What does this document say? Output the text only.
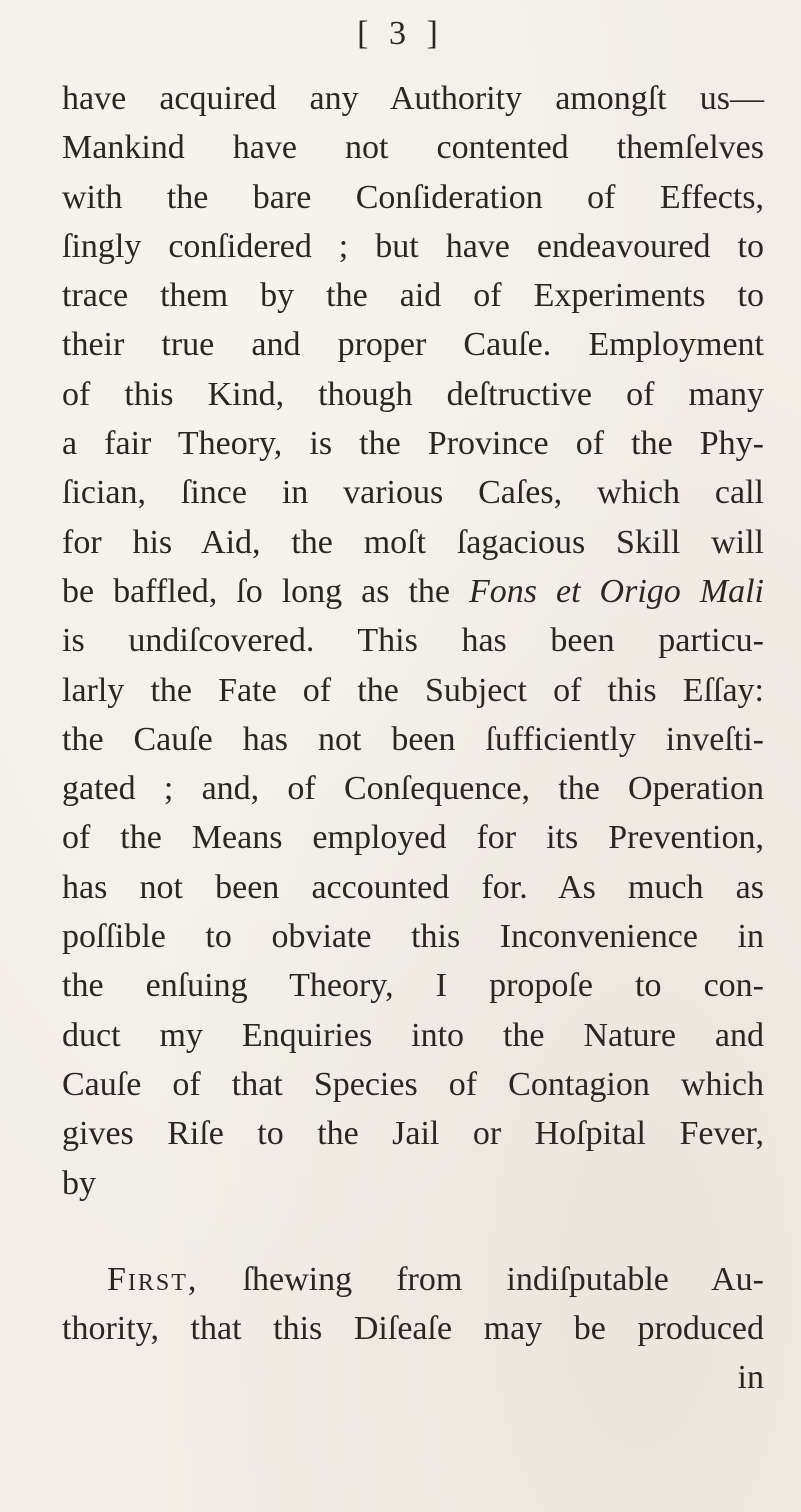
[ 3 ]
have acquired any Authority amongſt us—
Mankind have not contented themſelves
with the bare Conſideration of Effects,
ſingly conſidered ; but have endeavoured to
trace them by the aid of Experiments to
their true and proper Cauſe. Employment
of this Kind, though deſtructive of many
a fair Theory, is the Province of the Phy-
ſician, ſince in various Caſes, which call
for his Aid, the moſt ſagacious Skill will
be baffled, ſo long as the Fons et Origo Mali
is undiſcovered. This has been particu-
larly the Fate of the Subject of this Eſſay:
the Cauſe has not been ſufficiently inveſti-
gated ; and, of Conſequence, the Operation
of the Means employed for its Prevention,
has not been accounted for. As much as
poſſible to obviate this Inconvenience in
the enſuing Theory, I propoſe to con-
duct my Enquiries into the Nature and
Cauſe of that Species of Contagion which
gives Riſe to the Jail or Hoſpital Fever,
by
First, ſhewing from indiſputable Au-
thority, that this Diſeaſe may be produced
in
